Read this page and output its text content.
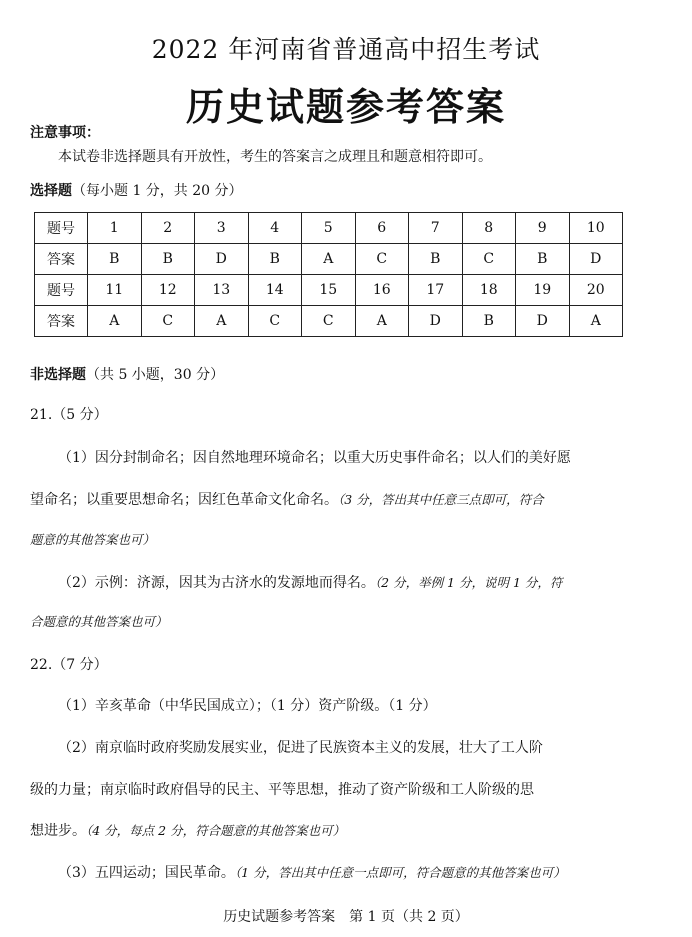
2022 年河南省普通高中招生考试
历史试题参考答案
注意事项：
本试卷非选择题具有开放性，考生的答案言之成理且和题意相符即可。
选择题（每小题 1 分，共 20 分）
题号	1	2	3	4	5	6	7	8	9	10
答案	B	B	D	B	A	C	B	C	B	D
题号	11	12	13	14	15	16	17	18	19	20
答案	A	C	A	C	C	A	D	B	D	A
非选择题（共 5 小题，30 分）
21.（5 分）
（1）因分封制命名；因自然地理环境命名；以重大历史事件命名；以人们的美好愿
望命名；以重要思想命名；因红色革命文化命名。（3 分，答出其中任意三点即可，符合
题意的其他答案也可）
（2）示例：济源，因其为古济水的发源地而得名。（2 分，举例 1 分，说明 1 分，符
合题意的其他答案也可）
22.（7 分）
（1）辛亥革命（中华民国成立）；（1 分）资产阶级。（1 分）
（2）南京临时政府奖励发展实业，促进了民族资本主义的发展，壮大了工人阶
级的力量；南京临时政府倡导的民主、平等思想，推动了资产阶级和工人阶级的思
想进步。（4 分，每点 2 分，符合题意的其他答案也可）
（3）五四运动；国民革命。（1 分，答出其中任意一点即可，符合题意的其他答案也可）
历史试题参考答案　第 1 页（共 2 页）
